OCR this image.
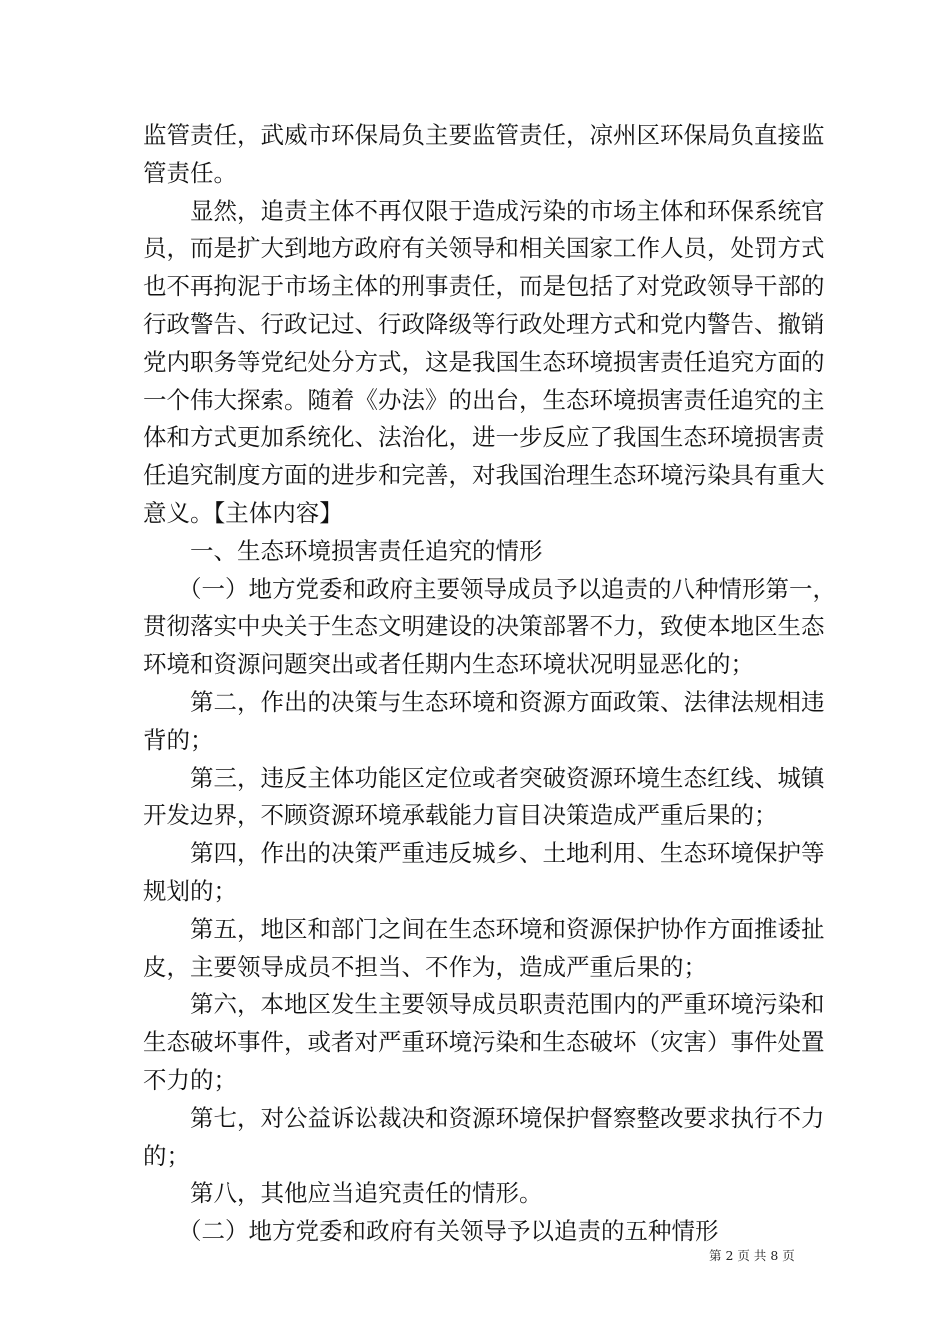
监管责任，武威市环保局负主要监管责任，凉州区环保局负直接监
管责任。
显然，追责主体不再仅限于造成污染的市场主体和环保系统官
员，而是扩大到地方政府有关领导和相关国家工作人员，处罚方式
也不再拘泥于市场主体的刑事责任，而是包括了对党政领导干部的
行政警告、行政记过、行政降级等行政处理方式和党内警告、撤销
党内职务等党纪处分方式，这是我国生态环境损害责任追究方面的
一个伟大探索。随着《办法》的出台，生态环境损害责任追究的主
体和方式更加系统化、法治化，进一步反应了我国生态环境损害责
任追究制度方面的进步和完善，对我国治理生态环境污染具有重大
意义。【主体内容】
一、生态环境损害责任追究的情形
（一）地方党委和政府主要领导成员予以追责的八种情形第一，
贯彻落实中央关于生态文明建设的决策部署不力，致使本地区生态
环境和资源问题突出或者任期内生态环境状况明显恶化的；
第二，作出的决策与生态环境和资源方面政策、法律法规相违
背的；
第三，违反主体功能区定位或者突破资源环境生态红线、城镇
开发边界，不顾资源环境承载能力盲目决策造成严重后果的；
第四，作出的决策严重违反城乡、土地利用、生态环境保护等
规划的；
第五，地区和部门之间在生态环境和资源保护协作方面推诿扯
皮，主要领导成员不担当、不作为，造成严重后果的；
第六，本地区发生主要领导成员职责范围内的严重环境污染和
生态破坏事件，或者对严重环境污染和生态破坏（灾害）事件处置
不力的；
第七，对公益诉讼裁决和资源环境保护督察整改要求执行不力
的；
第八，其他应当追究责任的情形。
（二）地方党委和政府有关领导予以追责的五种情形
第 2 页 共 8 页
